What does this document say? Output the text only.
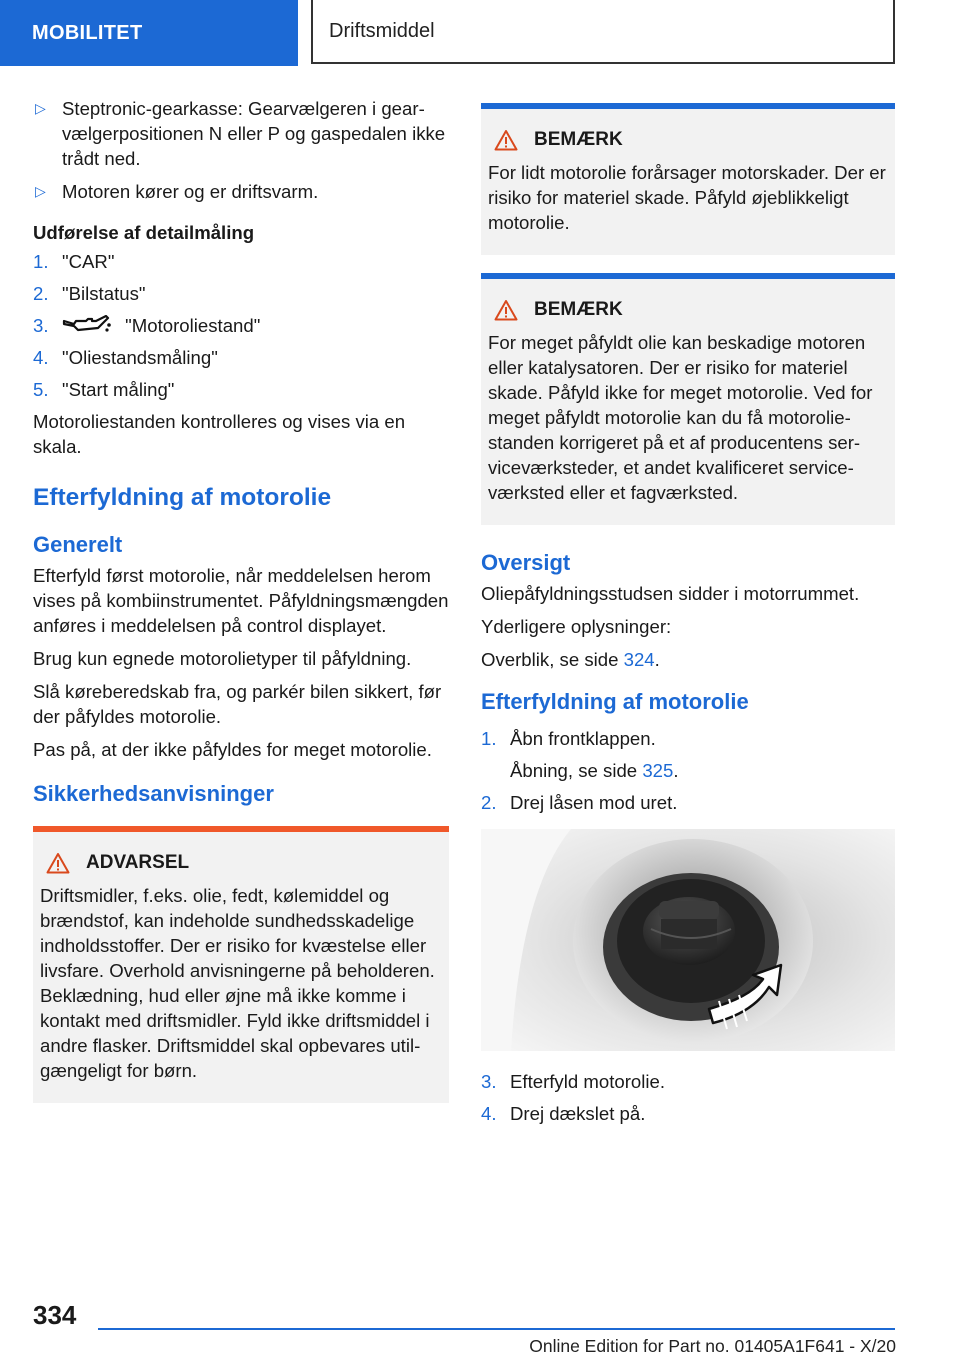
MOBILITET	Driftsmiddel
▷ Steptronic-gearkasse: Gearvælgeren i gearvælgerpositionen N eller P og gaspedalen ikke trådt ned.
▷ Motoren kører og er driftsvarm.
Udførelse af detailmåling
1. "CAR"
2. "Bilstatus"
3.	"Motoroliestand"
4. "Oliestandsmåling"
5. "Start måling"

Motoroliestanden kontrolleres og vises via en skala.

Efterfyldning af motorolie
Generelt

Efterfyld først motorolie, når meddelelsen herom vises på kombiinstrumentet. Påfyldningsmængden anføres i meddelelsen på control displayet.

Brug kun egnede motorolietyper til påfyldning.

Slå køreberedskab fra, og parkér bilen sikkert, før der påfyldes motorolie.

Pas på, at der ikke påfyldes for meget motorolie.

Sikkerhedsanvisninger
ADVARSEL
Driftsmidler, f.eks. olie, fedt, kølemiddel og brændstof, kan indeholde sundhedsskadelige indholdsstoffer. Der er risiko for kvæstelse eller livsfare. Overhold anvisningerne på beholderen. Beklædning, hud eller øjne må ikke komme i kontakt med driftsmidler. Fyld ikke driftsmiddel i andre flasker. Driftsmiddel skal opbevares utilgængeligt for børn.
BEMÆRK
For lidt motorolie forårsager motorskader. Der er risiko for materiel skade. Påfyld øjeblikkeligt motorolie.
BEMÆRK
For meget påfyldt olie kan beskadige motoren eller katalysatoren. Der er risiko for materiel skade. Påfyld ikke for meget motorolie. Ved for meget påfyldt motorolie kan du få motoroliestanden korrigeret på et af producentens serviceværksteder, et andet kvalificeret serviceværksted eller et fagværksted.
Oversigt

Oliepåfyldningsstudsen sidder i motorrummet.

Yderligere oplysninger:

Overblik, se side 324.

Efterfyldning af motorolie
1. Åbn frontklappen.
Åbning, se side 325.
2. Drej låsen mod uret.
3. Efterfyld motorolie.
4. Drej dækslet på.
334
Online Edition for Part no. 01405A1F641 - X/20
